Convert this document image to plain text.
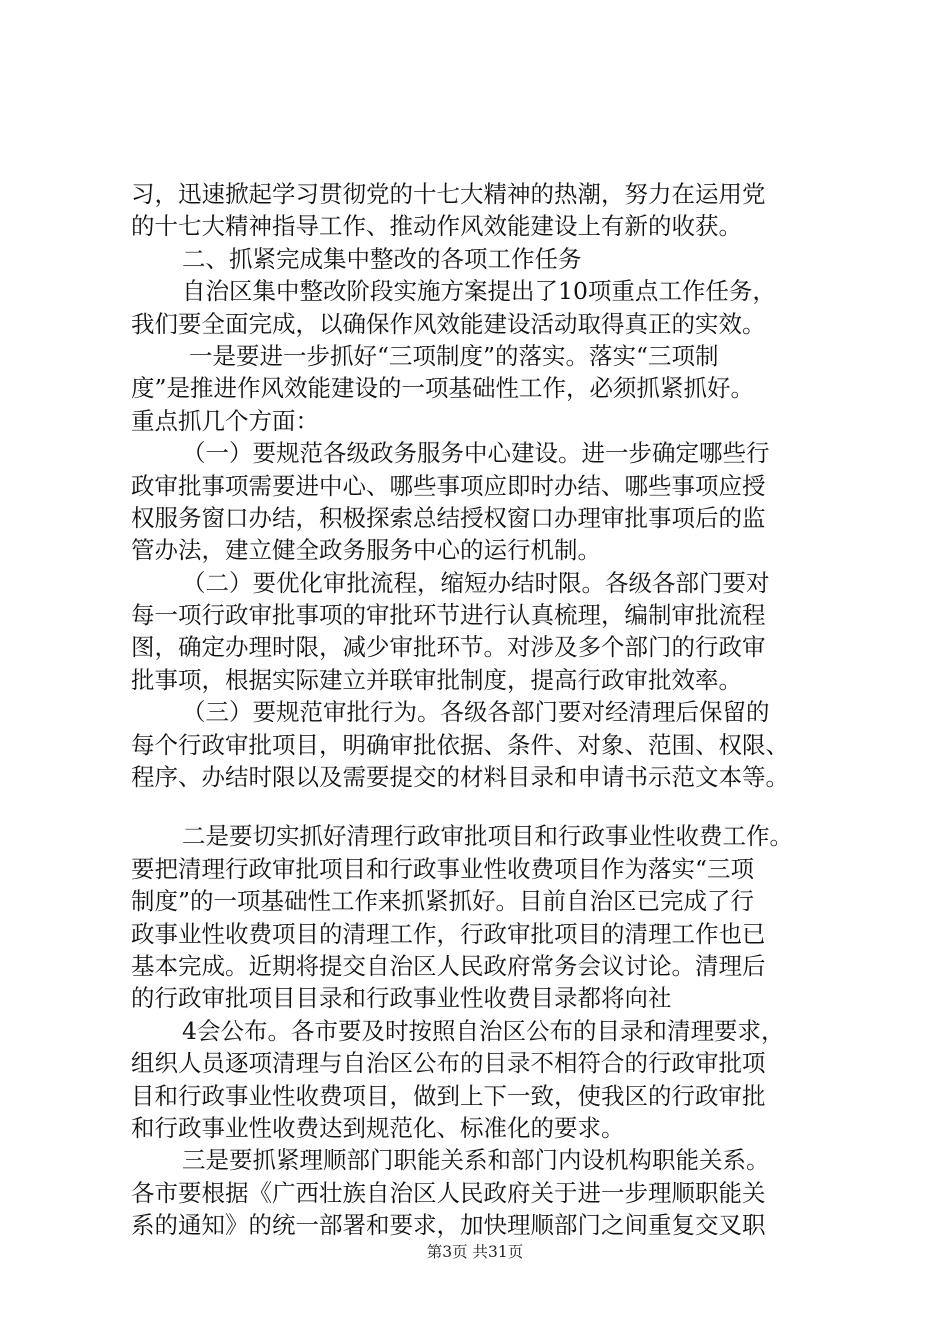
习，迅速掀起学习贯彻党的十七大精神的热潮，努力在运用党
的十七大精神指导工作、推动作风效能建设上有新的收获。
二、抓紧完成集中整改的各项工作任务
自治区集中整改阶段实施方案提出了10项重点工作任务，
我们要全面完成，以确保作风效能建设活动取得真正的实效。
一是要进一步抓好“三项制度”的落实。落实“三项制
度”是推进作风效能建设的一项基础性工作，必须抓紧抓好。
重点抓几个方面：
（一）要规范各级政务服务中心建设。进一步确定哪些行
政审批事项需要进中心、哪些事项应即时办结、哪些事项应授
权服务窗口办结，积极探索总结授权窗口办理审批事项后的监
管办法，建立健全政务服务中心的运行机制。
（二）要优化审批流程，缩短办结时限。各级各部门要对
每一项行政审批事项的审批环节进行认真梳理，编制审批流程
图，确定办理时限，减少审批环节。对涉及多个部门的行政审
批事项，根据实际建立并联审批制度，提高行政审批效率。
（三）要规范审批行为。各级各部门要对经清理后保留的
每个行政审批项目，明确审批依据、条件、对象、范围、权限、
程序、办结时限以及需要提交的材料目录和申请书示范文本等。
二是要切实抓好清理行政审批项目和行政事业性收费工作。
要把清理行政审批项目和行政事业性收费项目作为落实“三项
制度”的一项基础性工作来抓紧抓好。目前自治区已完成了行
政事业性收费项目的清理工作，行政审批项目的清理工作也已
基本完成。近期将提交自治区人民政府常务会议讨论。清理后
的行政审批项目目录和行政事业性收费目录都将向社
4会公布。各市要及时按照自治区公布的目录和清理要求，
组织人员逐项清理与自治区公布的目录不相符合的行政审批项
目和行政事业性收费项目，做到上下一致，使我区的行政审批
和行政事业性收费达到规范化、标准化的要求。
三是要抓紧理顺部门职能关系和部门内设机构职能关系。
各市要根据《广西壮族自治区人民政府关于进一步理顺职能关
系的通知》的统一部署和要求，加快理顺部门之间重复交叉职
第3页 共31页
